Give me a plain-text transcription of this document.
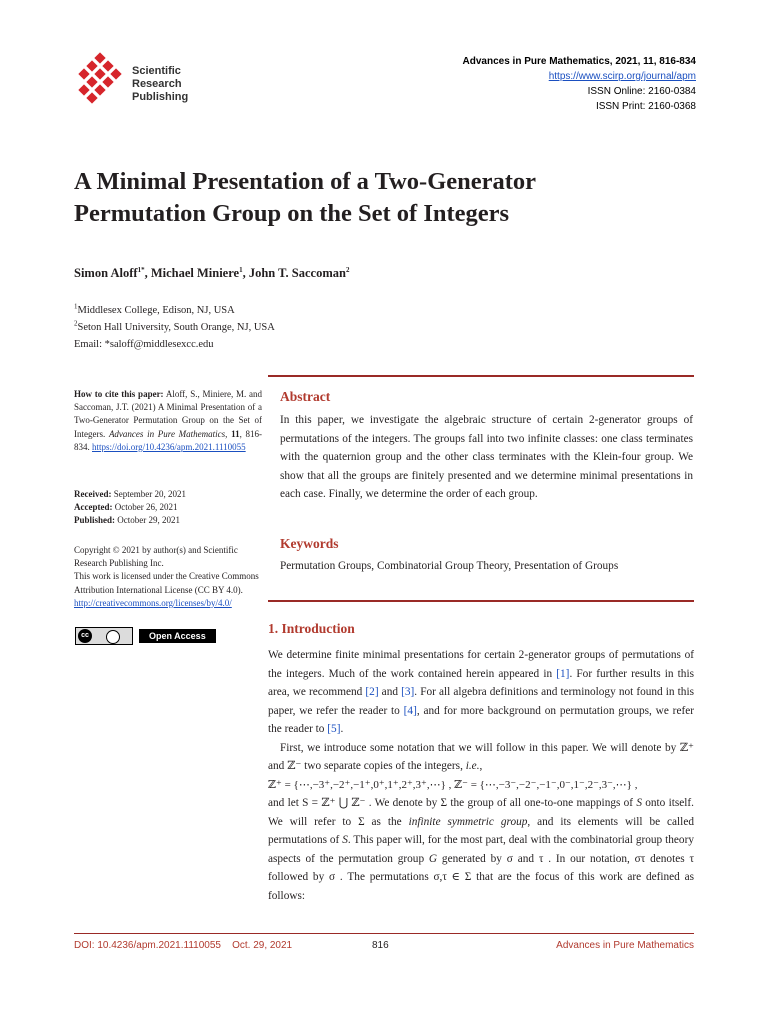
Scientific
Research
Publishing
Advances in Pure Mathematics, 2021, 11, 816-834
https://www.scirp.org/journal/apm
ISSN Online: 2160-0384
ISSN Print: 2160-0368
A Minimal Presentation of a Two-Generator
Permutation Group on the Set of Integers
Simon Aloff$^{1*}$, Michael Miniere$^1$, John T. Saccoman$^2$
$^1$Middlesex College, Edison, NJ, USA
$^2$Seton Hall University, South Orange, NJ, USA
Email: *saloff@middlesexcc.edu
How to cite this paper: Aloff, S., Miniere, M. and Saccoman, J.T. (2021) A Minimal Presentation of a Two-Generator Permutation Group on the Set of Integers. Advances in Pure Mathematics, 11, 816-834. https://doi.org/10.4236/apm.2021.1110055
Received: September 20, 2021
Accepted: October 26, 2021
Published: October 29, 2021
Copyright © 2021 by author(s) and Scientific Research Publishing Inc.
This work is licensed under the Creative Commons Attribution International License (CC BY 4.0).
http://creativecommons.org/licenses/by/4.0/
cc	Open Access
Abstract
In this paper, we investigate the algebraic structure of certain 2-generator groups of permutations of the integers. The groups fall into two infinite classes: one class terminates with the quaternion group and the other class terminates with the Klein-four group. We show that all the groups are finitely presented and we determine minimal presentations in each case. Finally, we determine the order of each group.
Keywords
Permutation Groups, Combinatorial Group Theory, Presentation of Groups
1. Introduction

We determine finite minimal presentations for certain 2-generator groups of permutations of the integers. Much of the work contained herein appeared in [1]. For further results in this area, we recommend [2] and [3]. For all algebra definitions and terminology not found in this paper, we refer the reader to [4], and for more background on permutation groups, we refer the reader to [5].

First, we introduce some notation that we will follow in this paper. We will denote by ℤ⁺ and ℤ⁻ two separate copies of the integers, i.e.,

ℤ⁺ = {⋯,−3⁺,−2⁺,−1⁺,0⁺,1⁺,2⁺,3⁺,⋯} , ℤ⁻ = {⋯,−3⁻,−2⁻,−1⁻,0⁻,1⁻,2⁻,3⁻,⋯} ,

and let S = ℤ⁺ ⋃ ℤ⁻ . We denote by Σ the group of all one-to-one mappings of S onto itself. We will refer to Σ as the infinite symmetric group, and its elements will be called permutations of S. This paper will, for the most part, deal with the combinatorial group theory aspects of the permutation group G generated by σ and τ . In our notation, στ denotes τ followed by σ . The permutations σ,τ ∈ Σ that are the focus of this work are defined as follows:

DOI: 10.4236/apm.2021.1110055    Oct. 29, 2021	816	Advances in Pure Mathematics
